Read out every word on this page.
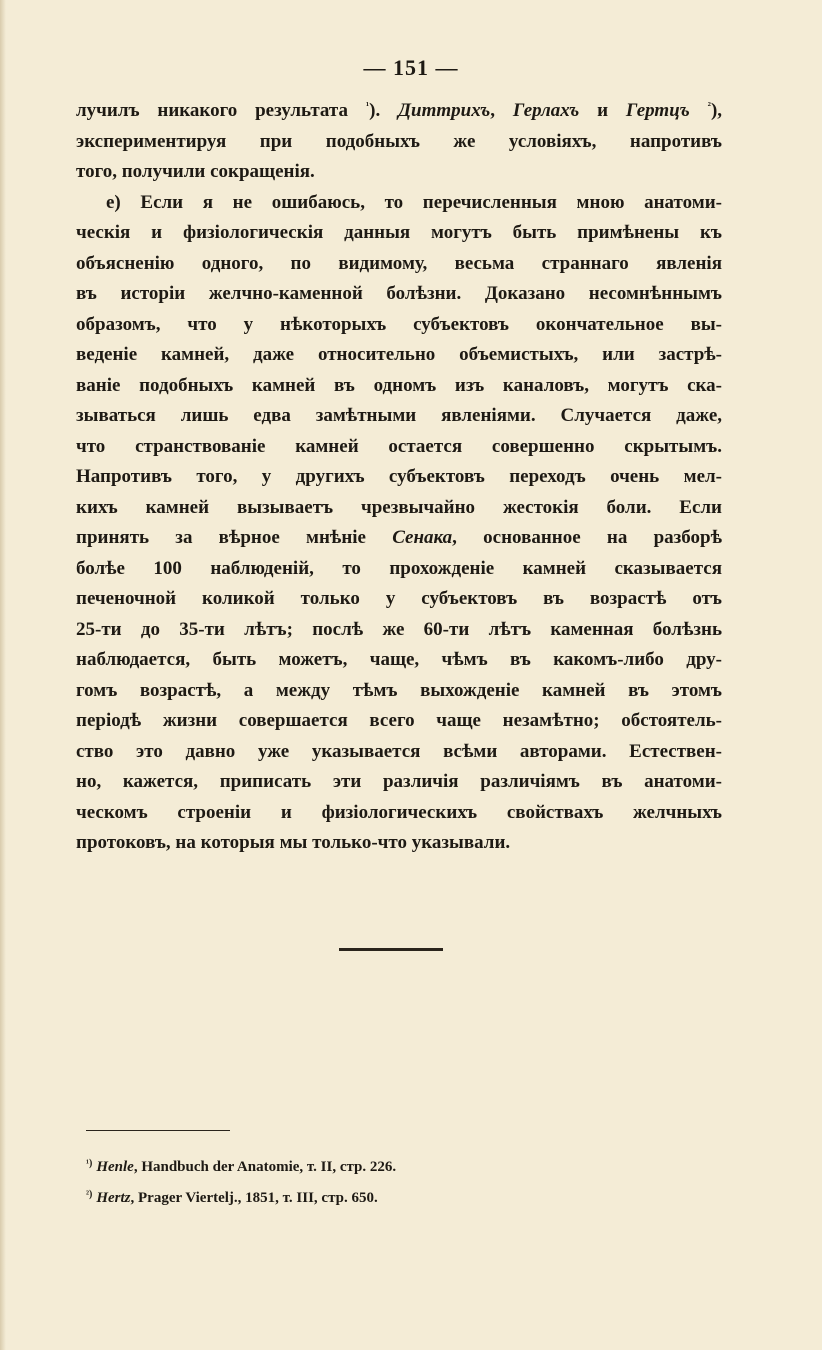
— 151 —
лучилъ никакого результата $^{^1}$). Диттрихъ, Герлахъ и Гертцъ $^{^2}$),
экспериментируя при подобныхъ же условіяхъ, напротивъ
того, получили сокращенія.
e) Если я не ошибаюсь, то перечисленныя мною анатоми-
ческія и физіологическія данныя могутъ быть примѣнены къ
объясненію одного, по видимому, весьма страннаго явленія
въ исторіи желчно-каменной болѣзни. Доказано несомнѣннымъ
образомъ, что у нѣкоторыхъ субъектовъ окончательное вы-
веденіе камней, даже относительно объемистыхъ, или застрѣ-
ваніе подобныхъ камней въ одномъ изъ каналовъ, могутъ ска-
зываться лишь едва замѣтными явленіями. Случается даже,
что странствованіе камней остается совершенно скрытымъ.
Напротивъ того, у другихъ субъектовъ переходъ очень мел-
кихъ камней вызываетъ чрезвычайно жестокія боли. Если
принять за вѣрное мнѣніе Сенака, основанное на разборѣ
болѣе 100 наблюденій, то прохожденіе камней сказывается
печеночной коликой только у субъектовъ въ возрастѣ отъ
25-ти до 35-ти лѣтъ; послѣ же 60-ти лѣтъ каменная болѣзнь
наблюдается, быть можетъ, чаще, чѣмъ въ какомъ-либо дру-
гомъ возрастѣ, а между тѣмъ выхожденіе камней въ этомъ
періодѣ жизни совершается всего чаще незамѣтно; обстоятель-
ство это давно уже указывается всѣми авторами. Естествен-
но, кажется, приписать эти различія различіямъ въ анатоми-
ческомъ строеніи и физіологическихъ свойствахъ желчныхъ
протоковъ, на которыя мы только-что указывали.
$^{^1)}$ Henle, Handbuch der Anatomie, т. II, стр. 226.
$^{^2)}$ Hertz, Prager Viertelj., 1851, т. III, стр. 650.
